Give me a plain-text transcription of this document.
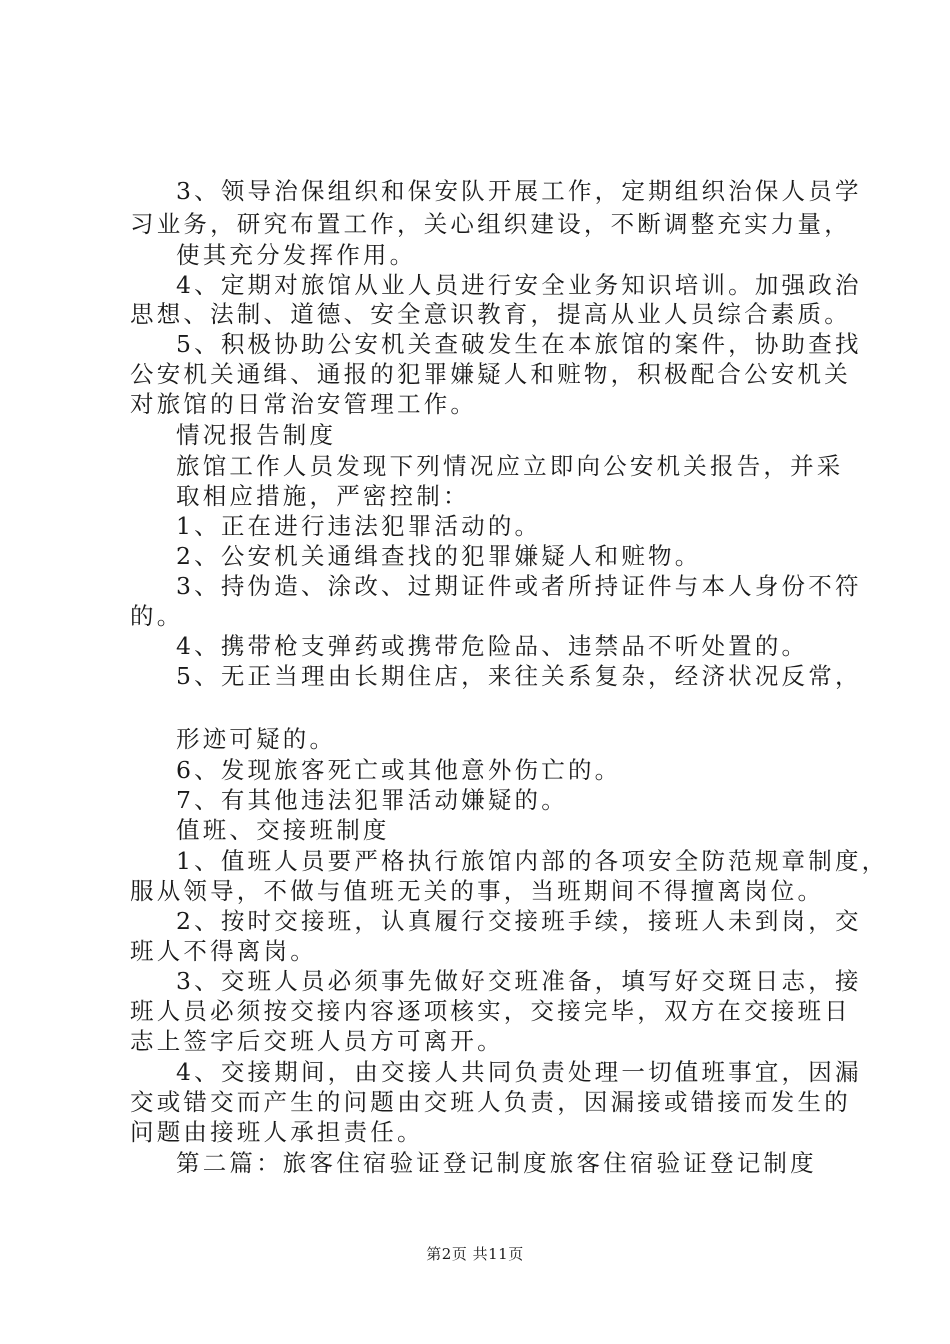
3、领导治保组织和保安队开展工作，定期组织治保人员学
习业务，研究布置工作，关心组织建设，不断调整充实力量，
使其充分发挥作用。
4、定期对旅馆从业人员进行安全业务知识培训。加强政治
思想、法制、道德、安全意识教育，提高从业人员综合素质。
5、积极协助公安机关查破发生在本旅馆的案件，协助查找
公安机关通缉、通报的犯罪嫌疑人和赃物，积极配合公安机关
对旅馆的日常治安管理工作。
情况报告制度
旅馆工作人员发现下列情况应立即向公安机关报告，并采
取相应措施，严密控制：
1、正在进行违法犯罪活动的。
2、公安机关通缉查找的犯罪嫌疑人和赃物。
3、持伪造、涂改、过期证件或者所持证件与本人身份不符
的。
4、携带枪支弹药或携带危险品、违禁品不听处置的。
5、无正当理由长期住店，来往关系复杂，经济状况反常，
形迹可疑的。
6、发现旅客死亡或其他意外伤亡的。
7、有其他违法犯罪活动嫌疑的。
值班、交接班制度
1、值班人员要严格执行旅馆内部的各项安全防范规章制度，
服从领导，不做与值班无关的事，当班期间不得擅离岗位。
2、按时交接班，认真履行交接班手续，接班人未到岗，交
班人不得离岗。
3、交班人员必须事先做好交班准备，填写好交斑日志，接
班人员必须按交接内容逐项核实，交接完毕，双方在交接班日
志上签字后交班人员方可离开。
4、交接期间，由交接人共同负责处理一切值班事宜，因漏
交或错交而产生的问题由交班人负责，因漏接或错接而发生的
问题由接班人承担责任。
第二篇：旅客住宿验证登记制度旅客住宿验证登记制度
第2页 共11页
